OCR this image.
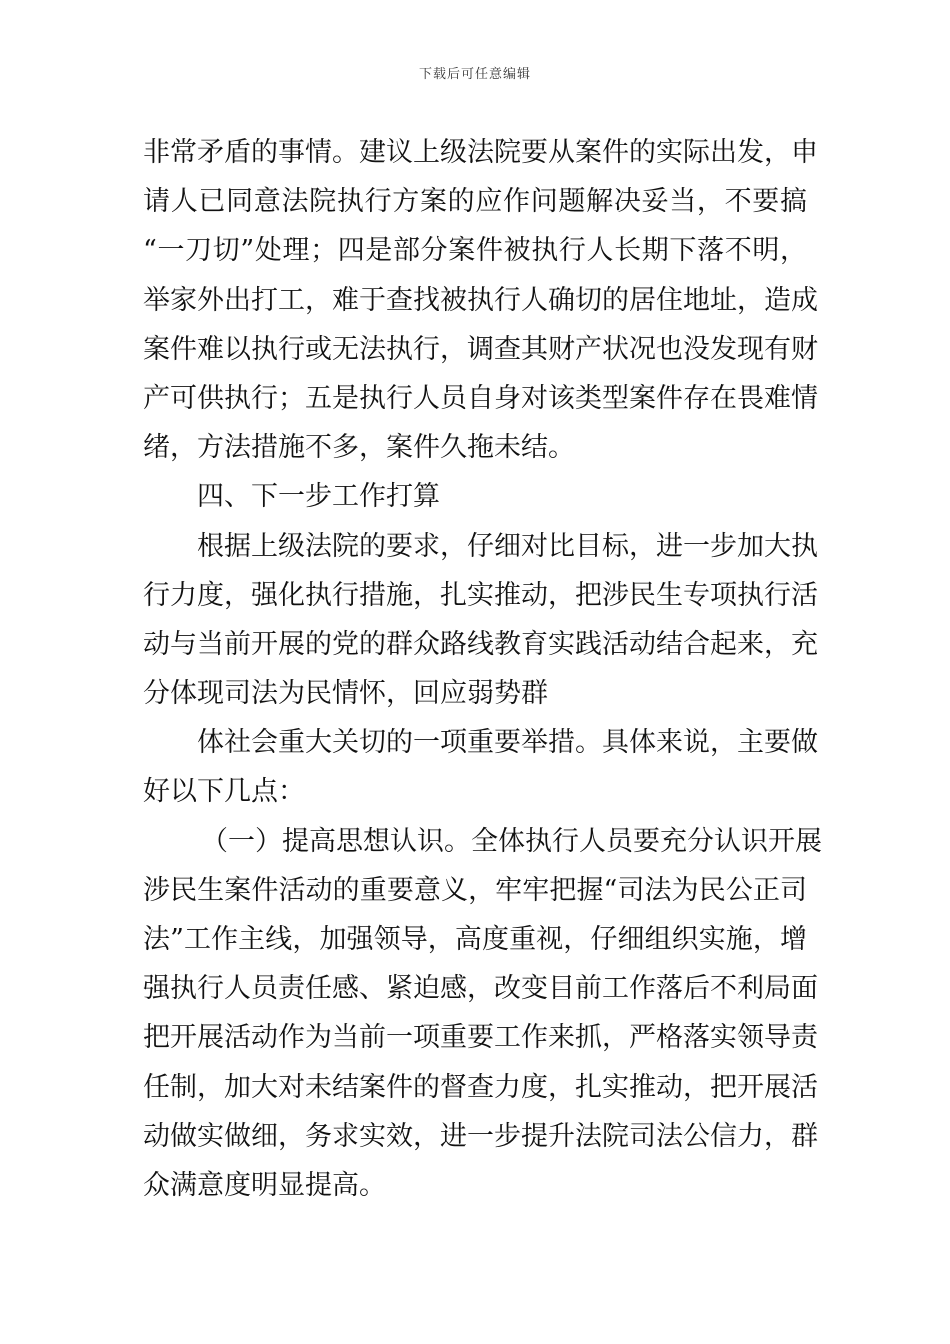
下载后可任意编辑
非常矛盾的事情。建议上级法院要从案件的实际出发，申
请人已同意法院执行方案的应作问题解决妥当，不要搞
“一刀切”处理；四是部分案件被执行人长期下落不明，
举家外出打工，难于查找被执行人确切的居住地址，造成
案件难以执行或无法执行，调查其财产状况也没发现有财
产可供执行；五是执行人员自身对该类型案件存在畏难情
绪，方法措施不多，案件久拖未结。
四、下一步工作打算
根据上级法院的要求，仔细对比目标，进一步加大执
行力度，强化执行措施，扎实推动，把涉民生专项执行活
动与当前开展的党的群众路线教育实践活动结合起来，充
分体现司法为民情怀，回应弱势群
体社会重大关切的一项重要举措。具体来说，主要做
好以下几点：
（一）提高思想认识。全体执行人员要充分认识开展
涉民生案件活动的重要意义，牢牢把握“司法为民公正司
法”工作主线，加强领导，高度重视，仔细组织实施，增
强执行人员责任感、紧迫感，改变目前工作落后不利局面
把开展活动作为当前一项重要工作来抓，严格落实领导责
任制，加大对未结案件的督查力度，扎实推动，把开展活
动做实做细，务求实效，进一步提升法院司法公信力，群
众满意度明显提高。
